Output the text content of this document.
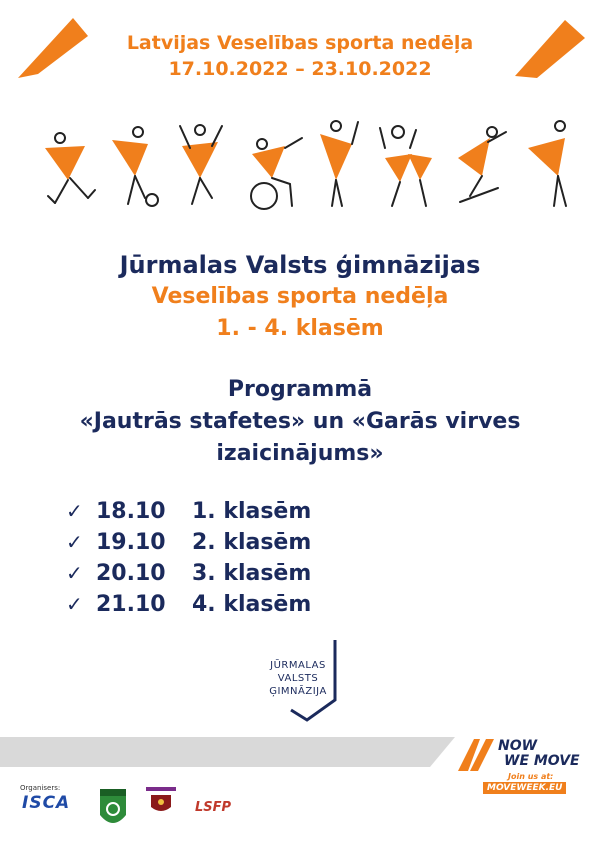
Latvijas Veselības sporta nedēļa
17.10.2022 – 23.10.2022
Jūrmalas Valsts ģimnāzijas
Veselības sporta nedēļa
1. - 4. klasēm
Programmā
«Jautrās stafetes» un «Garās virves
izaicinājums»
✓ 18.10	1. klasēm
✓ 19.10	2. klasēm
✓ 20.10	3. klasēm
✓ 21.10	4. klasēm
JŪRMALAS
VALSTS
ĢIMNĀZIJA
NOW
WE MOVE
Join us at:
MOVEWEEK.EU
Organisers:
ISCA	LSFP
